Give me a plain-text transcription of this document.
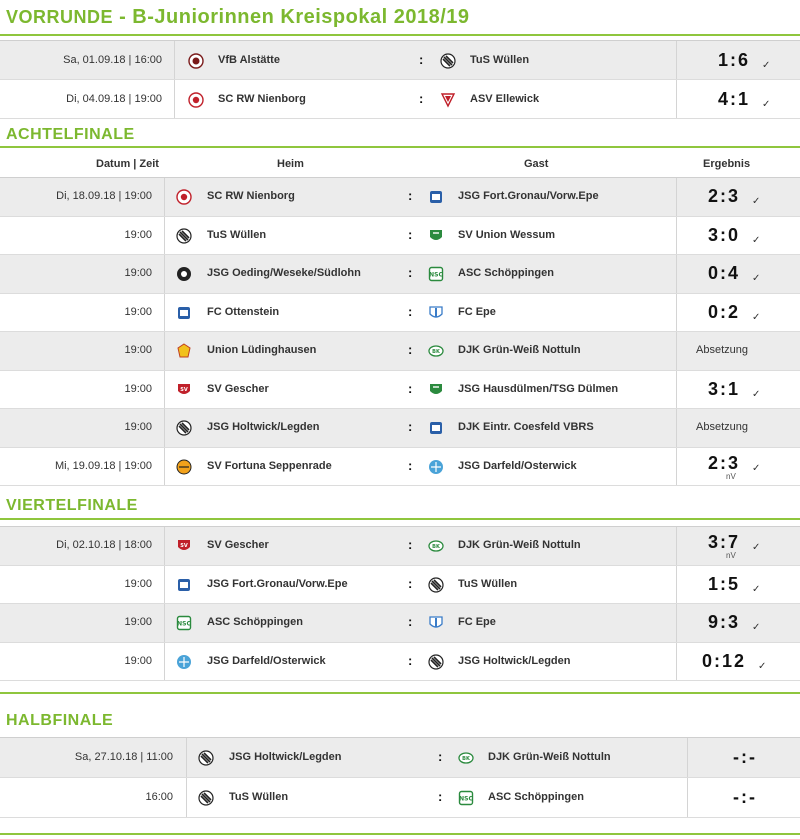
VORRUNDE - B-Juniorinnen Kreispokal 2018/19
Sa, 01.09.18 | 16:00	VfB Alstätte	:	TuS Wüllen	1:6 ✓
Di, 04.09.18 | 19:00	SC RW Nienborg	:	ASV Ellewick	4:1 ✓
ACHTELFINALE
Datum | Zeit	Heim	Gast	Ergebnis
Di, 18.09.18 | 19:00	SC RW Nienborg	:	JSG Fort.Gronau/Vorw.Epe	2:3 ✓
19:00	TuS Wüllen	:	SV Union Wessum	3:0 ✓
19:00	JSG Oeding/Weseke/Südlohn	:	NSC ASC Schöppingen	0:4 ✓
19:00	FC Ottenstein	:	FC Epe	0:2 ✓
19:00	Union Lüdinghausen	:	BK DJK Grün-Weiß Nottuln	Absetzung
19:00	SV SV Gescher	:	JSG Hausdülmen/TSG Dülmen	3:1 ✓
19:00	JSG Holtwick/Legden	:	DJK Eintr. Coesfeld VBRS	Absetzung
Mi, 19.09.18 | 19:00	SV Fortuna Seppenrade	:	JSG Darfeld/Osterwick	2:3 ✓
nV
VIERTELFINALE
Di, 02.10.18 | 18:00	SV SV Gescher	:	BK DJK Grün-Weiß Nottuln	3:7 ✓
nV
19:00	JSG Fort.Gronau/Vorw.Epe	:	TuS Wüllen	1:5 ✓
19:00	NSC ASC Schöppingen	:	FC Epe	9:3 ✓
19:00	JSG Darfeld/Osterwick	:	JSG Holtwick/Legden	0:12 ✓
HALBFINALE
Sa, 27.10.18 | 11:00	JSG Holtwick/Legden	:	BK DJK Grün-Weiß Nottuln	-:-
16:00	TuS Wüllen	:	NSC ASC Schöppingen	-:-
